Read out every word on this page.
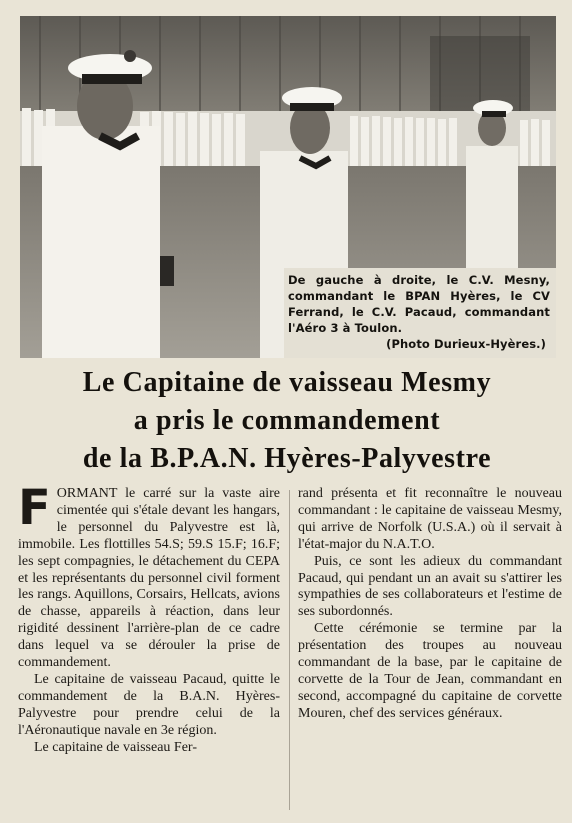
De gauche à droite, le C.V. Mesny, commandant le BPAN Hyères, le CV Ferrand, le C.V. Pacaud, commandant l'Aéro 3 à Toulon.
(Photo Durieux-Hyères.)
Le Capitaine de vaisseau Mesmy
a pris le commandement
de la B.P.A.N. Hyères-Palyvestre

FORMANT le carré sur la vaste aire cimentée qui s'étale devant les hangars, le personnel du Palyvestre est là, immobile. Les flottilles 54.S; 59.S 15.F; 16.F; les sept compagnies, le détachement du CEPA et les représentants du personnel civil forment les rangs. Aquillons, Corsairs, Hellcats, avions de chasse, appareils à réaction, dans leur rigidité dessinent l'arrière-plan de ce cadre dans lequel va se dérouler la prise de commandement.

Le capitaine de vaisseau Pacaud, quitte le commandement de la B.A.N. Hyères-Palyvestre pour prendre celui de la l'Aéronautique navale en 3e région.

Le capitaine de vaisseau Fer-

rand présenta et fit reconnaître le nouveau commandant : le capitaine de vaisseau Mesmy, qui arrive de Norfolk (U.S.A.) où il servait à l'état-major du N.A.T.O.

Puis, ce sont les adieux du commandant Pacaud, qui pendant un an avait su s'attirer les sympathies de ses collaborateurs et l'estime de ses subordonnés.

Cette cérémonie se termine par la présentation des troupes au nouveau commandant de la base, par le capitaine de corvette de la Tour de Jean, commandant en second, accompagné du capitaine de corvette Mouren, chef des services généraux.
